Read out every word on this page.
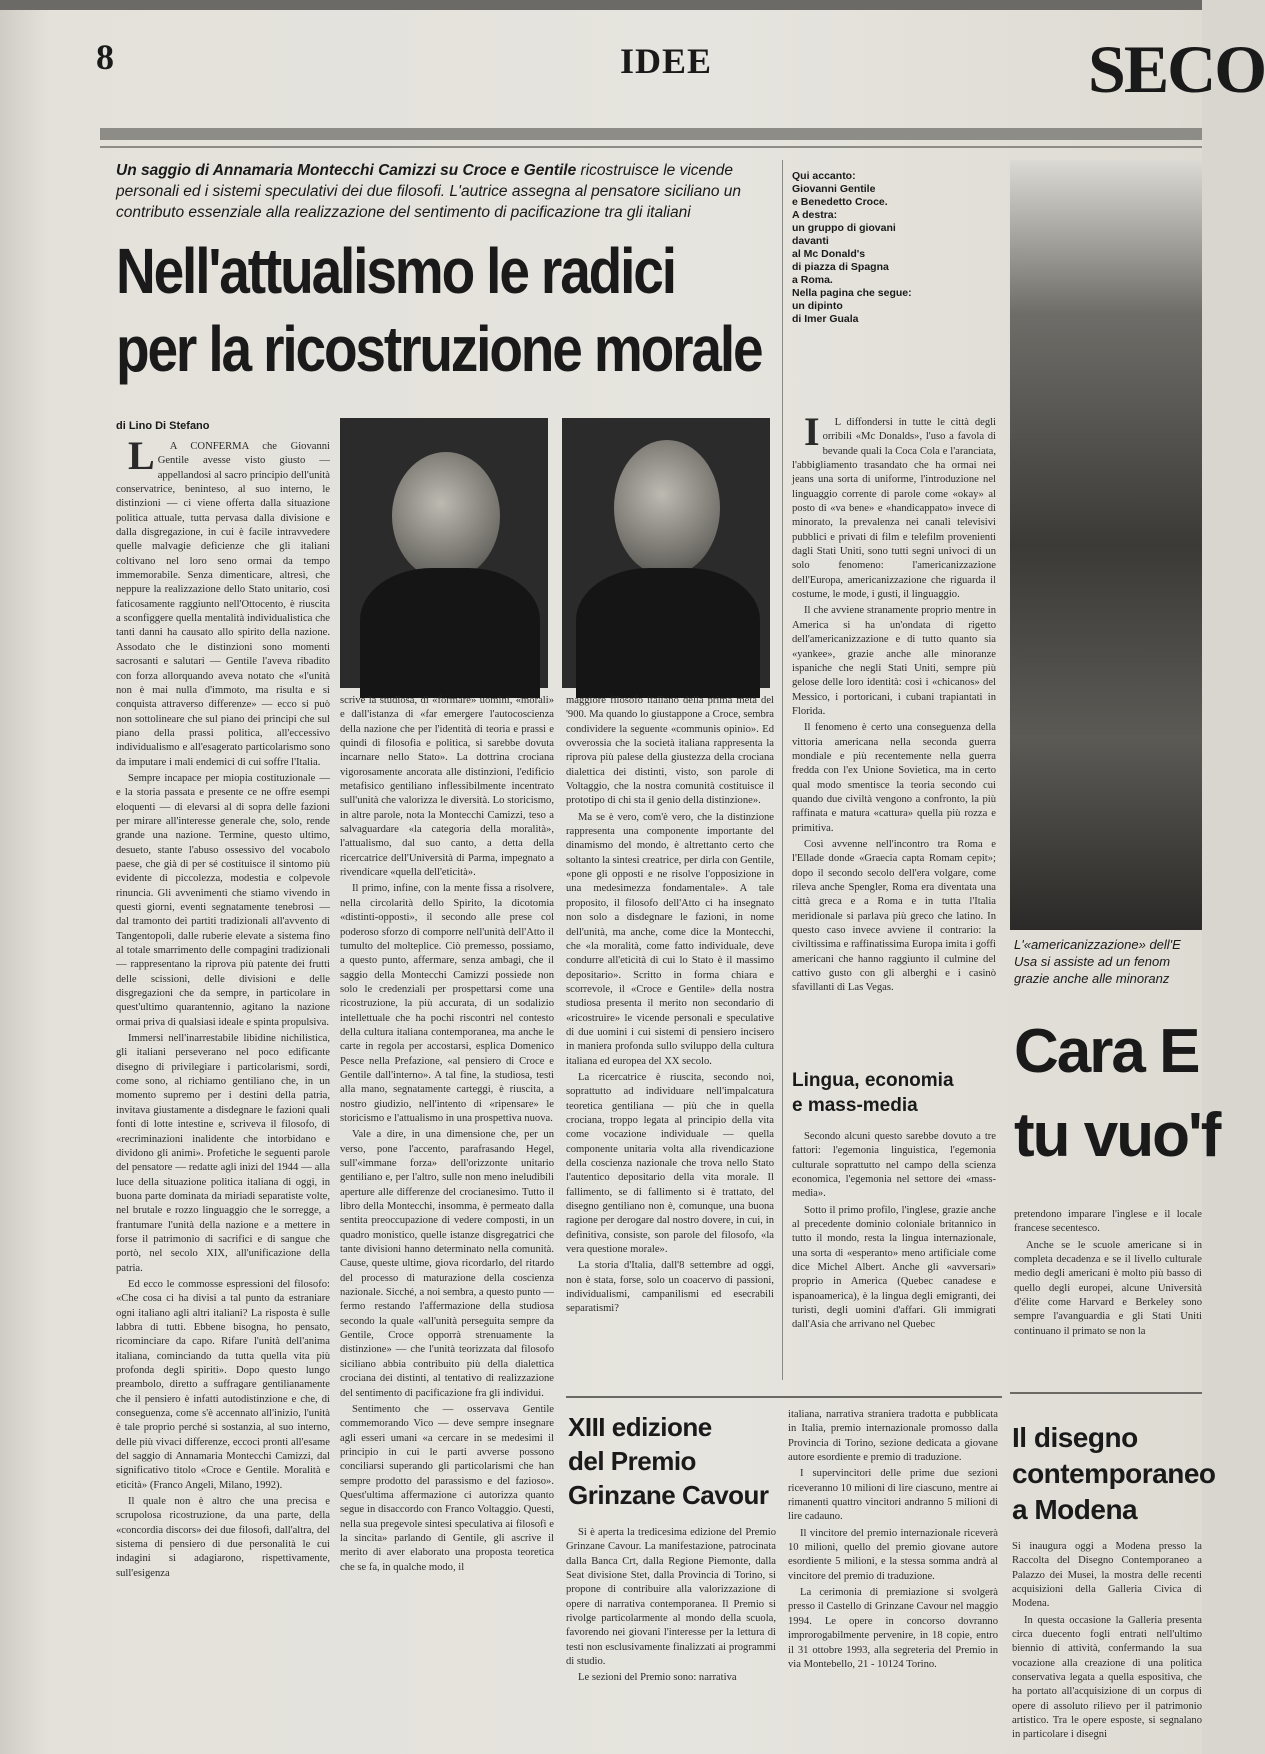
8	IDEE	SECO
Un saggio di Annamaria Montecchi Camizzi su Croce e Gentile ricostruisce le vicende personali ed i sistemi speculativi dei due filosofi. L'autrice assegna al pensatore siciliano un contributo essenziale alla realizzazione del sentimento di pacificazione tra gli italiani
Nell'attualismo le radici
per la ricostruzione morale
di Lino Di Stefano

LA CONFERMA che Giovanni Gentile avesse visto giusto — appellandosi al sacro principio dell'unità conservatrice, beninteso, al suo interno, le distinzioni — ci viene offerta dalla situazione politica attuale, tutta pervasa dalla divisione e dalla disgregazione, in cui è facile intravvedere quelle malvagie deficienze che gli italiani coltivano nel loro seno ormai da tempo immemorabile. Senza dimenticare, altresì, che neppure la realizzazione dello Stato unitario, così faticosamente raggiunto nell'Ottocento, è riuscita a sconfiggere quella mentalità individualistica che tanti danni ha causato allo spirito della nazione. Assodato che le distinzioni sono momenti sacrosanti e salutari — Gentile l'aveva ribadito con forza allorquando aveva notato che «l'unità non è mai nulla d'immoto, ma risulta e si conquista attraverso differenze» — ecco si può non sottolineare che sul piano dei principi che sul piano della prassi politica, all'eccessivo individualismo e all'esagerato particolarismo sono da imputare i mali endemici di cui soffre l'Italia.

Sempre incapace per miopia costituzionale — e la storia passata e presente ce ne offre esempi eloquenti — di elevarsi al di sopra delle fazioni per mirare all'interesse generale che, solo, rende grande una nazione. Termine, questo ultimo, desueto, stante l'abuso ossessivo del vocabolo paese, che già di per sé costituisce il sintomo più evidente di piccolezza, modestia e colpevole rinuncia. Gli avvenimenti che stiamo vivendo in questi giorni, eventi segnatamente tenebrosi — dal tramonto dei partiti tradizionali all'avvento di Tangentopoli, dalle ruberie elevate a sistema fino al totale smarrimento delle compagini tradizionali — rappresentano la riprova più patente dei frutti delle scissioni, delle divisioni e delle disgregazioni che da sempre, in particolare in quest'ultimo quarantennio, agitano la nazione ormai priva di qualsiasi ideale e spinta propulsiva.

Immersi nell'inarrestabile libidine nichilistica, gli italiani perseverano nel poco edificante disegno di privilegiare i particolarismi, sordi, come sono, al richiamo gentiliano che, in un momento supremo per i destini della patria, invitava giustamente a disdegnare le fazioni quali fonti di lotte intestine e, scriveva il filosofo, di «recriminazioni inalidente che intorbidano e dividono gli animi». Profetiche le seguenti parole del pensatore — redatte agli inizi del 1944 — alla luce della situazione politica italiana di oggi, in buona parte dominata da miriadi separatiste volte, nel brutale e rozzo linguaggio che le sorregge, a frantumare l'unità della nazione e a mettere in forse il patrimonio di sacrifici e di sangue che portò, nel secolo XIX, all'unificazione della patria.

Ed ecco le commosse espressioni del filosofo: «Che cosa ci ha divisi a tal punto da estraniare ogni italiano agli altri italiani? La risposta è sulle labbra di tutti. Ebbene bisogna, ho pensato, ricominciare da capo. Rifare l'unità dell'anima italiana, cominciando da tutta quella vita più profonda degli spiriti». Dopo questo lungo preambolo, diretto a suffragare gentilianamente che il pensiero è infatti autodistinzione e che, di conseguenza, come s'è accennato all'inizio, l'unità è tale proprio perché si sostanzia, al suo interno, delle più vivaci differenze, eccoci pronti all'esame del saggio di Annamaria Montecchi Camizzi, dal significativo titolo «Croce e Gentile. Moralità e eticità» (Franco Angeli, Milano, 1992).

Il quale non è altro che una precisa e scrupolosa ricostruzione, da una parte, della «concordia discors» dei due filosofi, dall'altra, del sistema di pensiero di due personalità le cui indagini si adagiarono, rispettivamente, sull'esigenza

scrive la studiosa, di «formare» uomini, «morali» e dall'istanza di «far emergere l'autocoscienza della nazione che per l'identità di teoria e prassi e quindi di filosofia e politica, si sarebbe dovuta incarnare nello Stato». La dottrina crociana vigorosamente ancorata alle distinzioni, l'edificio metafisico gentiliano inflessibilmente incentrato sull'unità che valorizza le diversità. Lo storicismo, in altre parole, nota la Montecchi Camizzi, teso a salvaguardare «la categoria della moralità», l'attualismo, dal suo canto, a detta della ricercatrice dell'Università di Parma, impegnato a rivendicare «quella dell'eticità».

Il primo, infine, con la mente fissa a risolvere, nella circolarità dello Spirito, la dicotomia «distinti-opposti», il secondo alle prese col poderoso sforzo di comporre nell'unità dell'Atto il tumulto del molteplice. Ciò premesso, possiamo, a questo punto, affermare, senza ambagi, che il saggio della Montecchi Camizzi possiede non solo le credenziali per prospettarsi come una ricostruzione, la più accurata, di un sodalizio intellettuale che ha pochi riscontri nel contesto della cultura italiana contemporanea, ma anche le carte in regola per accostarsi, esplica Domenico Pesce nella Prefazione, «al pensiero di Croce e Gentile dall'interno». A tal fine, la studiosa, testi alla mano, segnatamente carteggi, è riuscita, a nostro giudizio, nell'intento di «ripensare» le storicismo e l'attualismo in una prospettiva nuova.

Vale a dire, in una dimensione che, per un verso, pone l'accento, parafrasando Hegel, sull'«immane forza» dell'orizzonte unitario gentiliano e, per l'altro, sulle non meno ineludibili aperture alle differenze del crocianesimo. Tutto il libro della Montecchi, insomma, è permeato dalla sentita preoccupazione di vedere composti, in un quadro monistico, quelle istanze disgregatrici che tante divisioni hanno determinato nella comunità. Cause, queste ultime, giova ricordarlo, del ritardo del processo di maturazione della coscienza nazionale. Sicché, a noi sembra, a questo punto — fermo restando l'affermazione della studiosa secondo la quale «all'unità perseguita sempre da Gentile, Croce opporrà strenuamente la distinzione» — che l'unità teorizzata dal filosofo siciliano abbia contribuito più della dialettica crociana dei distinti, al tentativo di realizzazione del sentimento di pacificazione fra gli individui.

Sentimento che — osservava Gentile commemorando Vico — deve sempre insegnare agli esseri umani «a cercare in se medesimi il principio in cui le parti avverse possono conciliarsi superando gli particolarismi che han sempre prodotto del parassismo e del fazioso». Quest'ultima affermazione ci autorizza quanto segue in disaccordo con Franco Voltaggio. Questi, nella sua pregevole sintesi speculativa ai filosofi e la sincita» parlando di Gentile, gli ascrive il merito di aver elaborato una proposta teoretica che se fa, in qualche modo, il

maggiore filosofo italiano della prima metà del '900. Ma quando lo giustappone a Croce, sembra condividere la seguente «communis opinio». Ed ovverossia che la società italiana rappresenta la riprova più palese della giustezza della crociana dialettica dei distinti, visto, son parole di Voltaggio, che la nostra comunità costituisce il prototipo di chi sta il genio della distinzione».

Ma se è vero, com'è vero, che la distinzione rappresenta una componente importante del dinamismo del mondo, è altrettanto certo che soltanto la sintesi creatrice, per dirla con Gentile, «pone gli opposti e ne risolve l'opposizione in una medesimezza fondamentale». A tale proposito, il filosofo dell'Atto ci ha insegnato non solo a disdegnare le fazioni, in nome dell'unità, ma anche, come dice la Montecchi, che «la moralità, come fatto individuale, deve condurre all'eticità di cui lo Stato è il massimo depositario». Scritto in forma chiara e scorrevole, il «Croce e Gentile» della nostra studiosa presenta il merito non secondario di «ricostruire» le vicende personali e speculative di due uomini i cui sistemi di pensiero incisero in maniera profonda sullo sviluppo della cultura italiana ed europea del XX secolo.

La ricercatrice è riuscita, secondo noi, soprattutto ad individuare nell'impalcatura teoretica gentiliana — più che in quella crociana, troppo legata al principio della vita come vocazione individuale — quella componente unitaria volta alla rivendicazione della coscienza nazionale che trova nello Stato l'autentico depositario della vita morale. Il fallimento, se di fallimento si è trattato, del disegno gentiliano non è, comunque, una buona ragione per derogare dal nostro dovere, in cui, in definitiva, consiste, son parole del filosofo, «la vera questione morale».

La storia d'Italia, dall'8 settembre ad oggi, non è stata, forse, solo un coacervo di passioni, individualismi, campanilismi ed esecrabili separatismi?

Qui accanto:
Giovanni Gentile
e Benedetto Croce.
A destra:
un gruppo di giovani
davanti
al Mc Donald's
di piazza di Spagna
a Roma.
Nella pagina che segue:
un dipinto
di Imer Guala

IL diffondersi in tutte le città degli orribili «Mc Donalds», l'uso a favola di bevande quali la Coca Cola e l'aranciata, l'abbigliamento trasandato che ha ormai nei jeans una sorta di uniforme, l'introduzione nel linguaggio corrente di parole come «okay» al posto di «va bene» e «handicappato» invece di minorato, la prevalenza nei canali televisivi pubblici e privati di film e telefilm provenienti dagli Stati Uniti, sono tutti segni univoci di un solo fenomeno: l'americanizzazione dell'Europa, americanizzazione che riguarda il costume, le mode, i gusti, il linguaggio.

Il che avviene stranamente proprio mentre in America si ha un'ondata di rigetto dell'americanizzazione e di tutto quanto sia «yankee», grazie anche alle minoranze ispaniche che negli Stati Uniti, sempre più gelose delle loro identità: così i «chicanos» del Messico, i portoricani, i cubani trapiantati in Florida.

Il fenomeno è certo una conseguenza della vittoria americana nella seconda guerra mondiale e più recentemente nella guerra fredda con l'ex Unione Sovietica, ma in certo qual modo smentisce la teoria secondo cui quando due civiltà vengono a confronto, la più raffinata e matura «cattura» quella più rozza e primitiva.

Così avvenne nell'incontro tra Roma e l'Ellade donde «Graecia capta Romam cepit»; dopo il secondo secolo dell'era volgare, come rileva anche Spengler, Roma era diventata una città greca e a Roma e in tutta l'Italia meridionale si parlava più greco che latino. In questo caso invece avviene il contrario: la civiltissima e raffinatissima Europa imita i goffi americani che hanno raggiunto il culmine del cattivo gusto con gli alberghi e i casinò sfavillanti di Las Vegas.

Lingua, economia
e mass-media

Secondo alcuni questo sarebbe dovuto a tre fattori: l'egemonia linguistica, l'egemonia culturale soprattutto nel campo della scienza economica, l'egemonia nel settore dei «mass-media».

Sotto il primo profilo, l'inglese, grazie anche al precedente dominio coloniale britannico in tutto il mondo, resta la lingua internazionale, una sorta di «esperanto» meno artificiale come dice Michel Albert. Anche gli «avversari» proprio in America (Quebec canadese e ispanoamerica), è la lingua degli emigranti, dei turisti, degli uomini d'affari. Gli immigrati dall'Asia che arrivano nel Quebec

L'«americanizzazione» dell'E
Usa si assiste ad un fenom
grazie anche alle minoranz
Cara E
tu vuo'f

pretendono imparare l'inglese e il locale francese secentesco.

Anche se le scuole americane si in completa decadenza e se il livello culturale medio degli americani è molto più basso di quello degli europei, alcune Università d'élite come Harvard e Berkeley sono sempre l'avanguardia e gli Stati Uniti continuano il primato se non la

XIII edizione
del Premio
Grinzane Cavour

Si è aperta la tredicesima edizione del Premio Grinzane Cavour. La manifestazione, patrocinata dalla Banca Crt, dalla Regione Piemonte, dalla Seat divisione Stet, dalla Provincia di Torino, si propone di contribuire alla valorizzazione di opere di narrativa contemporanea. Il Premio si rivolge particolarmente al mondo della scuola, favorendo nei giovani l'interesse per la lettura di testi non esclusivamente finalizzati ai programmi di studio.

Le sezioni del Premio sono: narrativa

italiana, narrativa straniera tradotta e pubblicata in Italia, premio internazionale promosso dalla Provincia di Torino, sezione dedicata a giovane autore esordiente e premio di traduzione.

I supervincitori delle prime due sezioni riceveranno 10 milioni di lire ciascuno, mentre ai rimanenti quattro vincitori andranno 5 milioni di lire cadauno.

Il vincitore del premio internazionale riceverà 10 milioni, quello del premio giovane autore esordiente 5 milioni, e la stessa somma andrà al vincitore del premio di traduzione.

La cerimonia di premiazione si svolgerà presso il Castello di Grinzane Cavour nel maggio 1994. Le opere in concorso dovranno improrogabilmente pervenire, in 18 copie, entro il 31 ottobre 1993, alla segreteria del Premio in via Montebello, 21 - 10124 Torino.

Il disegno
contemporaneo
a Modena

Si inaugura oggi a Modena presso la Raccolta del Disegno Contemporaneo a Palazzo dei Musei, la mostra delle recenti acquisizioni della Galleria Civica di Modena.

In questa occasione la Galleria presenta circa duecento fogli entrati nell'ultimo biennio di attività, confermando la sua vocazione alla creazione di una politica conservativa legata a quella espositiva, che ha portato all'acquisizione di un corpus di opere di assoluto rilievo per il patrimonio artistico. Tra le opere esposte, si segnalano in particolare i disegni
